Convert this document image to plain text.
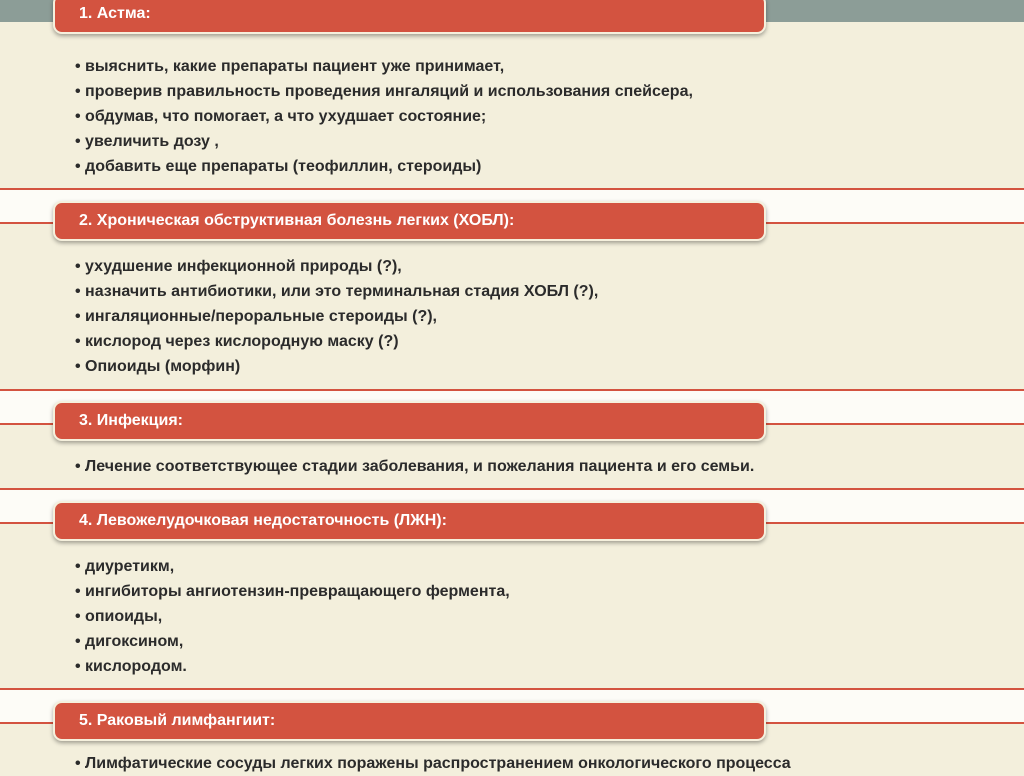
1. Астма:
• выяснить, какие препараты пациент уже принимает,
• проверив правильность проведения ингаляций и использования спейсера,
• обдумав, что помогает, а что ухудшает состояние;
• увеличить дозу ,
• добавить еще препараты (теофиллин, стероиды)
2. Хроническая обструктивная болезнь легких (ХОБЛ):
• ухудшение инфекционной природы (?),
• назначить антибиотики, или это терминальная стадия ХОБЛ (?),
• ингаляционные/пероральные стероиды (?),
• кислород через кислородную маску (?)
• Опиоиды (морфин)
3. Инфекция:
• Лечение соответствующее стадии заболевания, и пожелания пациента и его семьи.
4. Левожелудочковая недостаточность (ЛЖН):
• диуретикм,
• ингибиторы ангиотензин-превращающего фермента,
• опиоиды,
• дигоксином,
• кислородом.
5. Раковый лимфангиит:
• Лимфатические сосуды легких поражены распространением онкологического процесса
